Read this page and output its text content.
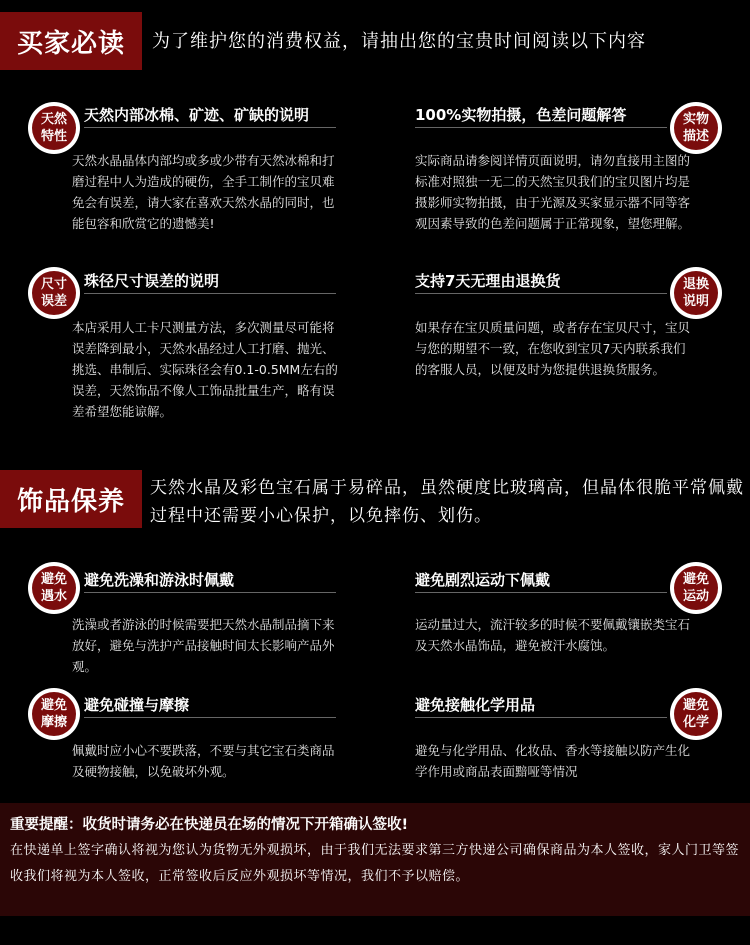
买家必读	为了维护您的消费权益，请抽出您的宝贵时间阅读以下内容
天然
特性
天然内部冰棉、矿迹、矿缺的说明
天然水晶晶体内部均或多或少带有天然冰棉和打磨过程中人为造成的硬伤，全手工制作的宝贝难免会有误差，请大家在喜欢天然水晶的同时，也能包容和欣赏它的遗憾美!
实物
描述
100%实物拍摄，色差问题解答
实际商品请参阅详情页面说明，请勿直接用主图的标准对照独一无二的天然宝贝我们的宝贝图片均是摄影师实物拍摄，由于光源及买家显示器不同等客观因素导致的色差问题属于正常现象，望您理解。
尺寸
误差
珠径尺寸误差的说明
本店采用人工卡尺测量方法，多次测量尽可能将误差降到最小，天然水晶经过人工打磨、抛光、挑选、串制后、实际珠径会有0.1-0.5MM左右的误差，天然饰品不像人工饰品批量生产，略有误差希望您能谅解。
退换
说明
支持7天无理由退换货
如果存在宝贝质量问题，或者存在宝贝尺寸，宝贝与您的期望不一致，在您收到宝贝7天内联系我们的客服人员，以便及时为您提供退换货服务。
饰品保养	天然水晶及彩色宝石属于易碎品，虽然硬度比玻璃高，但晶体很脆平常佩戴过程中还需要小心保护，以免摔伤、划伤。
避免
遇水
避免洗澡和游泳时佩戴
洗澡或者游泳的时候需要把天然水晶制品摘下来放好，避免与洗护产品接触时间太长影响产品外观。
避免
运动
避免剧烈运动下佩戴
运动量过大，流汗较多的时候不要佩戴镶嵌类宝石及天然水晶饰品，避免被汗水腐蚀。
避免
摩擦
避免碰撞与摩擦
佩戴时应小心不要跌落，不要与其它宝石类商品及硬物接触，以免破坏外观。
避免
化学
避免接触化学用品
避免与化学用品、化妆品、香水等接触以防产生化学作用或商品表面黯哑等情况
重要提醒：收货时请务必在快递员在场的情况下开箱确认签收!
在快递单上签字确认将视为您认为货物无外观损坏，由于我们无法要求第三方快递公司确保商品为本人签收，家人门卫等签收我们将视为本人签收，正常签收后反应外观损坏等情况，我们不予以赔偿。
